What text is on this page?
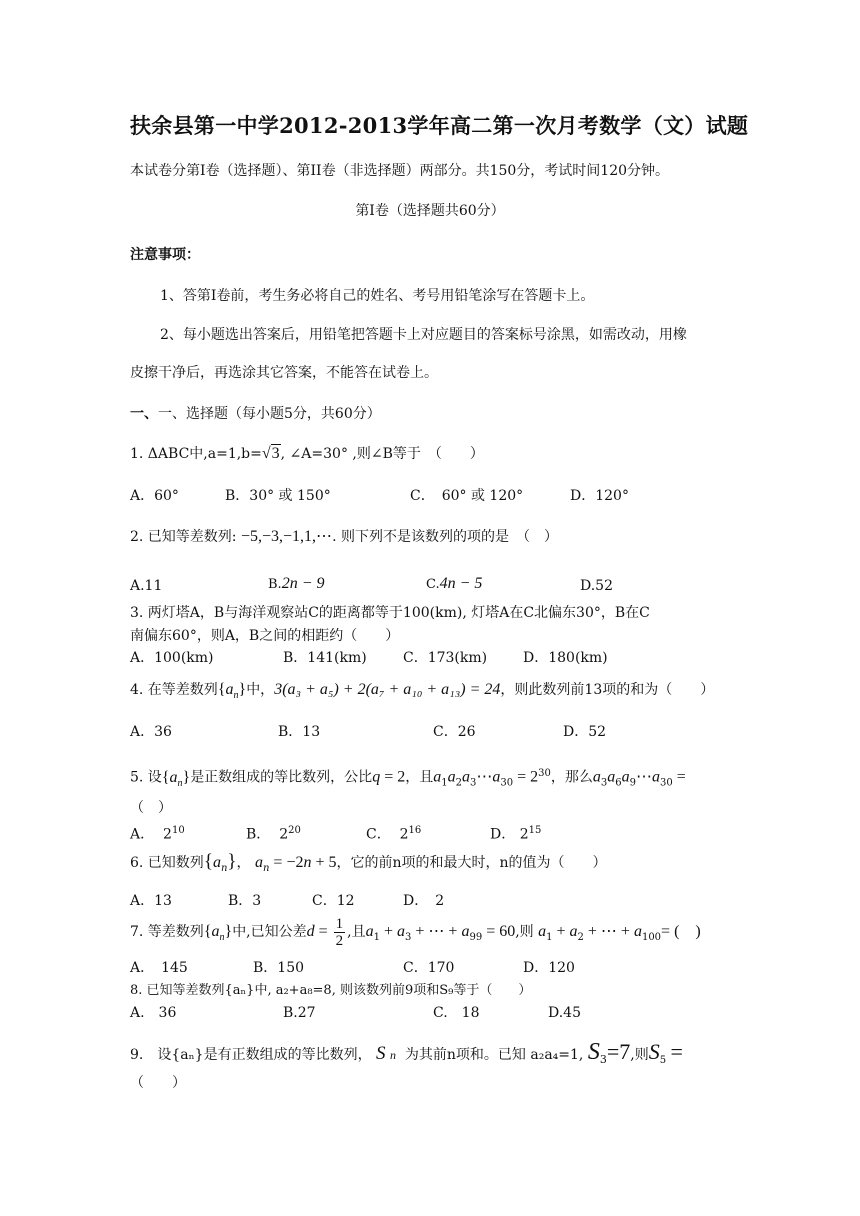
扶余县第一中学2012-2013学年高二第一次月考数学（文）试题
本试卷分第I卷（选择题）、第II卷（非选择题）两部分。共150分，考试时间120分钟。
第I卷（选择题共60分）
注意事项：
1、答第I卷前，考生务必将自己的姓名、考号用铅笔涂写在答题卡上。
2、每小题选出答案后，用铅笔把答题卡上对应题目的答案标号涂黑，如需改动，用橡
皮擦干净后，再选涂其它答案，不能答在试卷上。
一、一、选择题（每小题5分，共60分）
1. ΔABC中,a=1,b=√3, ∠A=30° ,则∠B等于　（　　）
A．60°	B．30° 或 150°	C．　60° 或 120°	D．120°
2. 已知等差数列: −5,−3,−1,1,⋯. 则下列不是该数列的项的是　（　）
A.11	B.2n − 9	C.4n − 5	D.52
3. 两灯塔A，B与海洋观察站C的距离都等于100(km), 灯塔A在C北偏东30°，B在C
南偏东60°，则A，B之间的相距约（　　）
A．100(km)	B．141(km)	C．173(km)	D．180(km)
4. 在等差数列$\{a_n\}$中，3(a₃ + a₅) + 2(a₇ + a₁₀ + a₁₃) = 24，则此数列前13项的和为（　　）
A．36	B．13	C．26	D．52
5. 设$\{a_n\}$是正数组成的等比数列，公比q = 2，且$a_1a_2a_3\cdots a_{30} = 2^{30}$，那么$a_3a_6a_9\cdots a_{30}$ =
（　）
A． $2^{10}$	B． $2^{20}$	C． $2^{16}$	D． $2^{15}$
6. 已知数列$\{a_n\}$， $a_n = -2n + 5$，它的前n项的和最大时，n的值为（　　）
A．13	B．3	C．12	D．　2
7. 等差数列$\{a_n\}$中,已知公差$d = \frac{1}{2}$ ,且$a_1 + a_3$ + ⋯ + $a_{99} = 60$,则 $a_1 + a_2$ + ⋯ + $a_{100}=$ (　)
A．　145	B．150	C．170	D．120
8. 已知等差数列{aₙ}中, a₂+a₈=8, 则该数列前9项和S₉等于（　　）
A.　36	B.27	C.　18	D.45
9.　设{aₙ}是有正数组成的等比数列， S n 为其前n项和。已知 a₂a₄=1, $S_3=7$,则$S_5$ =
（　　）
